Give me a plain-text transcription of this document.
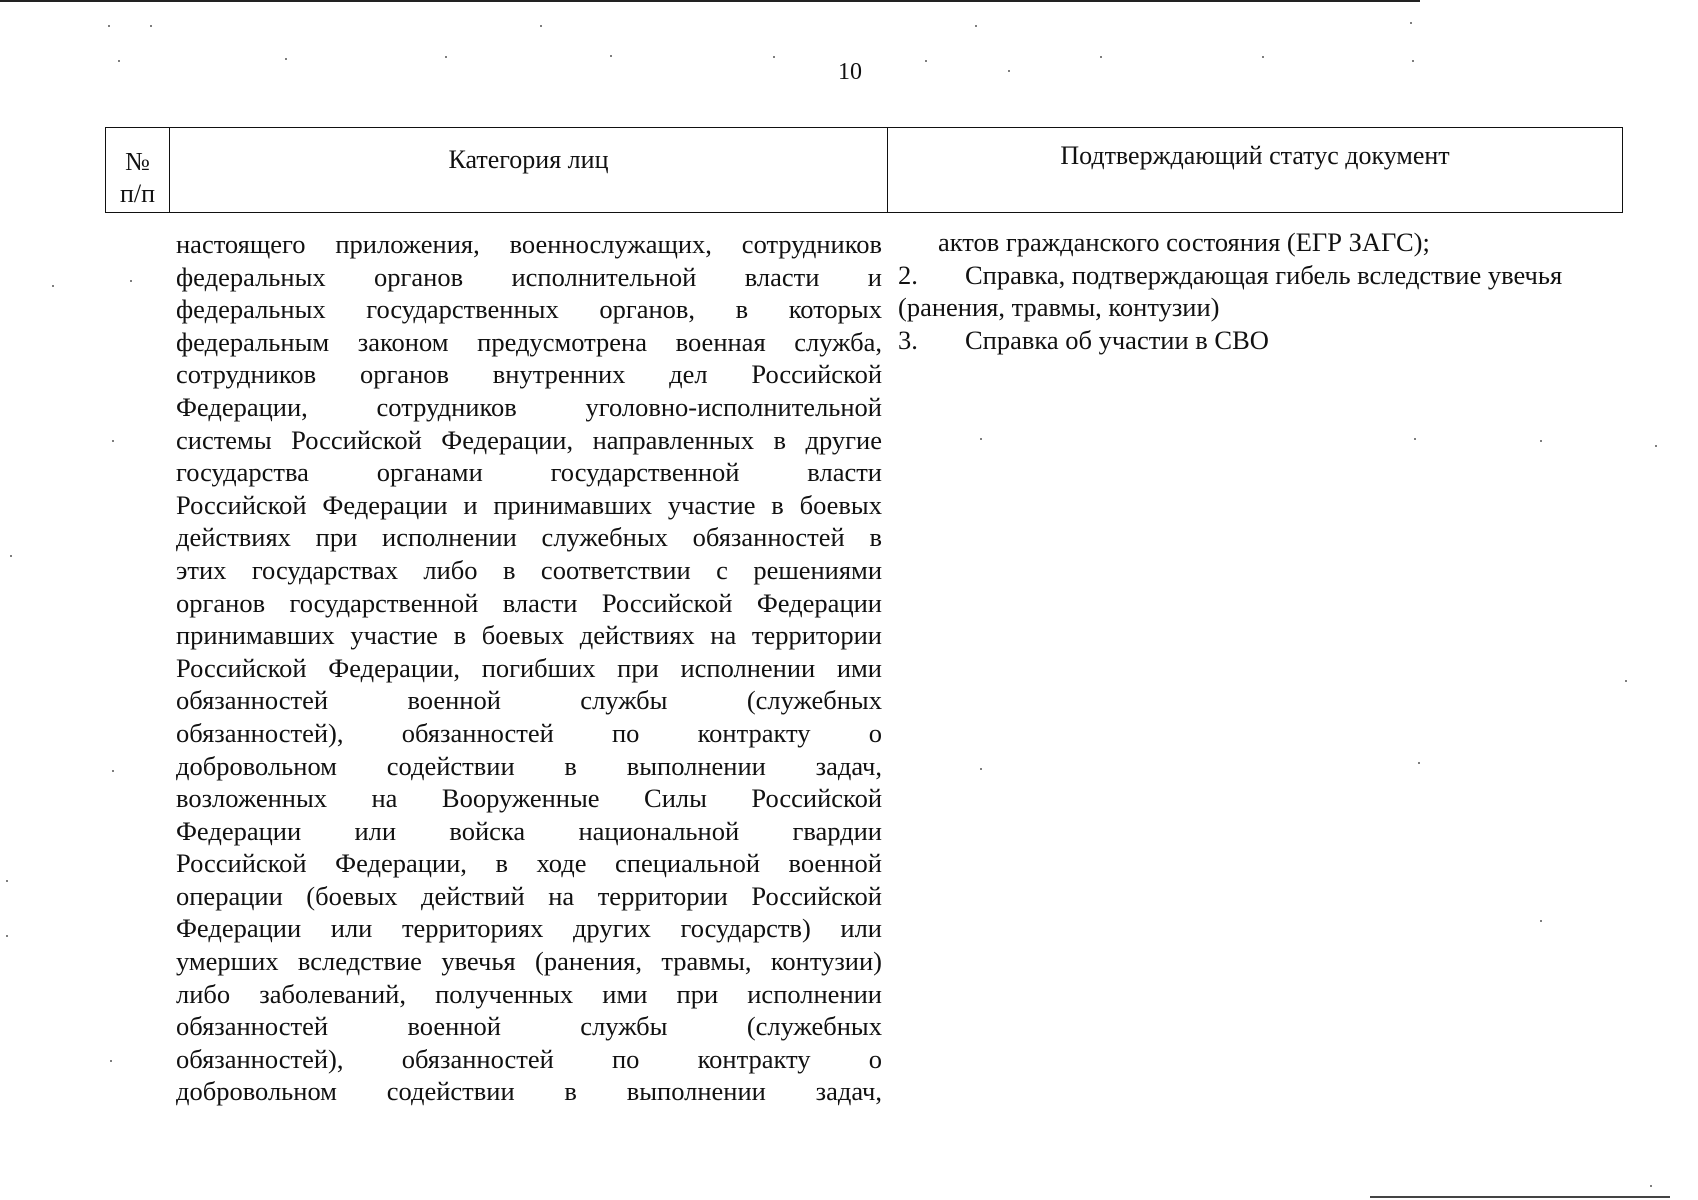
10
№
п/п
Категория лиц	Подтверждающий статус документ
настоящего приложения, военнослужащих, сотрудников
федеральных органов исполнительной власти и
федеральных государственных органов, в которых
федеральным законом предусмотрена военная служба,
сотрудников органов внутренних дел Российской
Федерации, сотрудников уголовно-исполнительной
системы Российской Федерации, направленных в другие
государства органами государственной власти
Российской Федерации и принимавших участие в боевых
действиях при исполнении служебных обязанностей в
этих государствах либо в соответствии с решениями
органов государственной власти Российской Федерации
принимавших участие в боевых действиях на территории
Российской Федерации, погибших при исполнении ими
обязанностей военной службы (служебных
обязанностей), обязанностей по контракту о
добровольном содействии в выполнении задач,
возложенных на Вооруженные Силы Российской
Федерации или войска национальной гвардии
Российской Федерации, в ходе специальной военной
операции (боевых действий на территории Российской
Федерации или территориях других государств) или
умерших вследствие увечья (ранения, травмы, контузии)
либо заболеваний, полученных ими при исполнении
обязанностей военной службы (служебных
обязанностей), обязанностей по контракту о
добровольном содействии в выполнении задач,
актов гражданского состояния (ЕГР ЗАГС);
2. Справка, подтверждающая гибель вследствие увечья
(ранения, травмы, контузии)
3. Справка об участии в СВО
